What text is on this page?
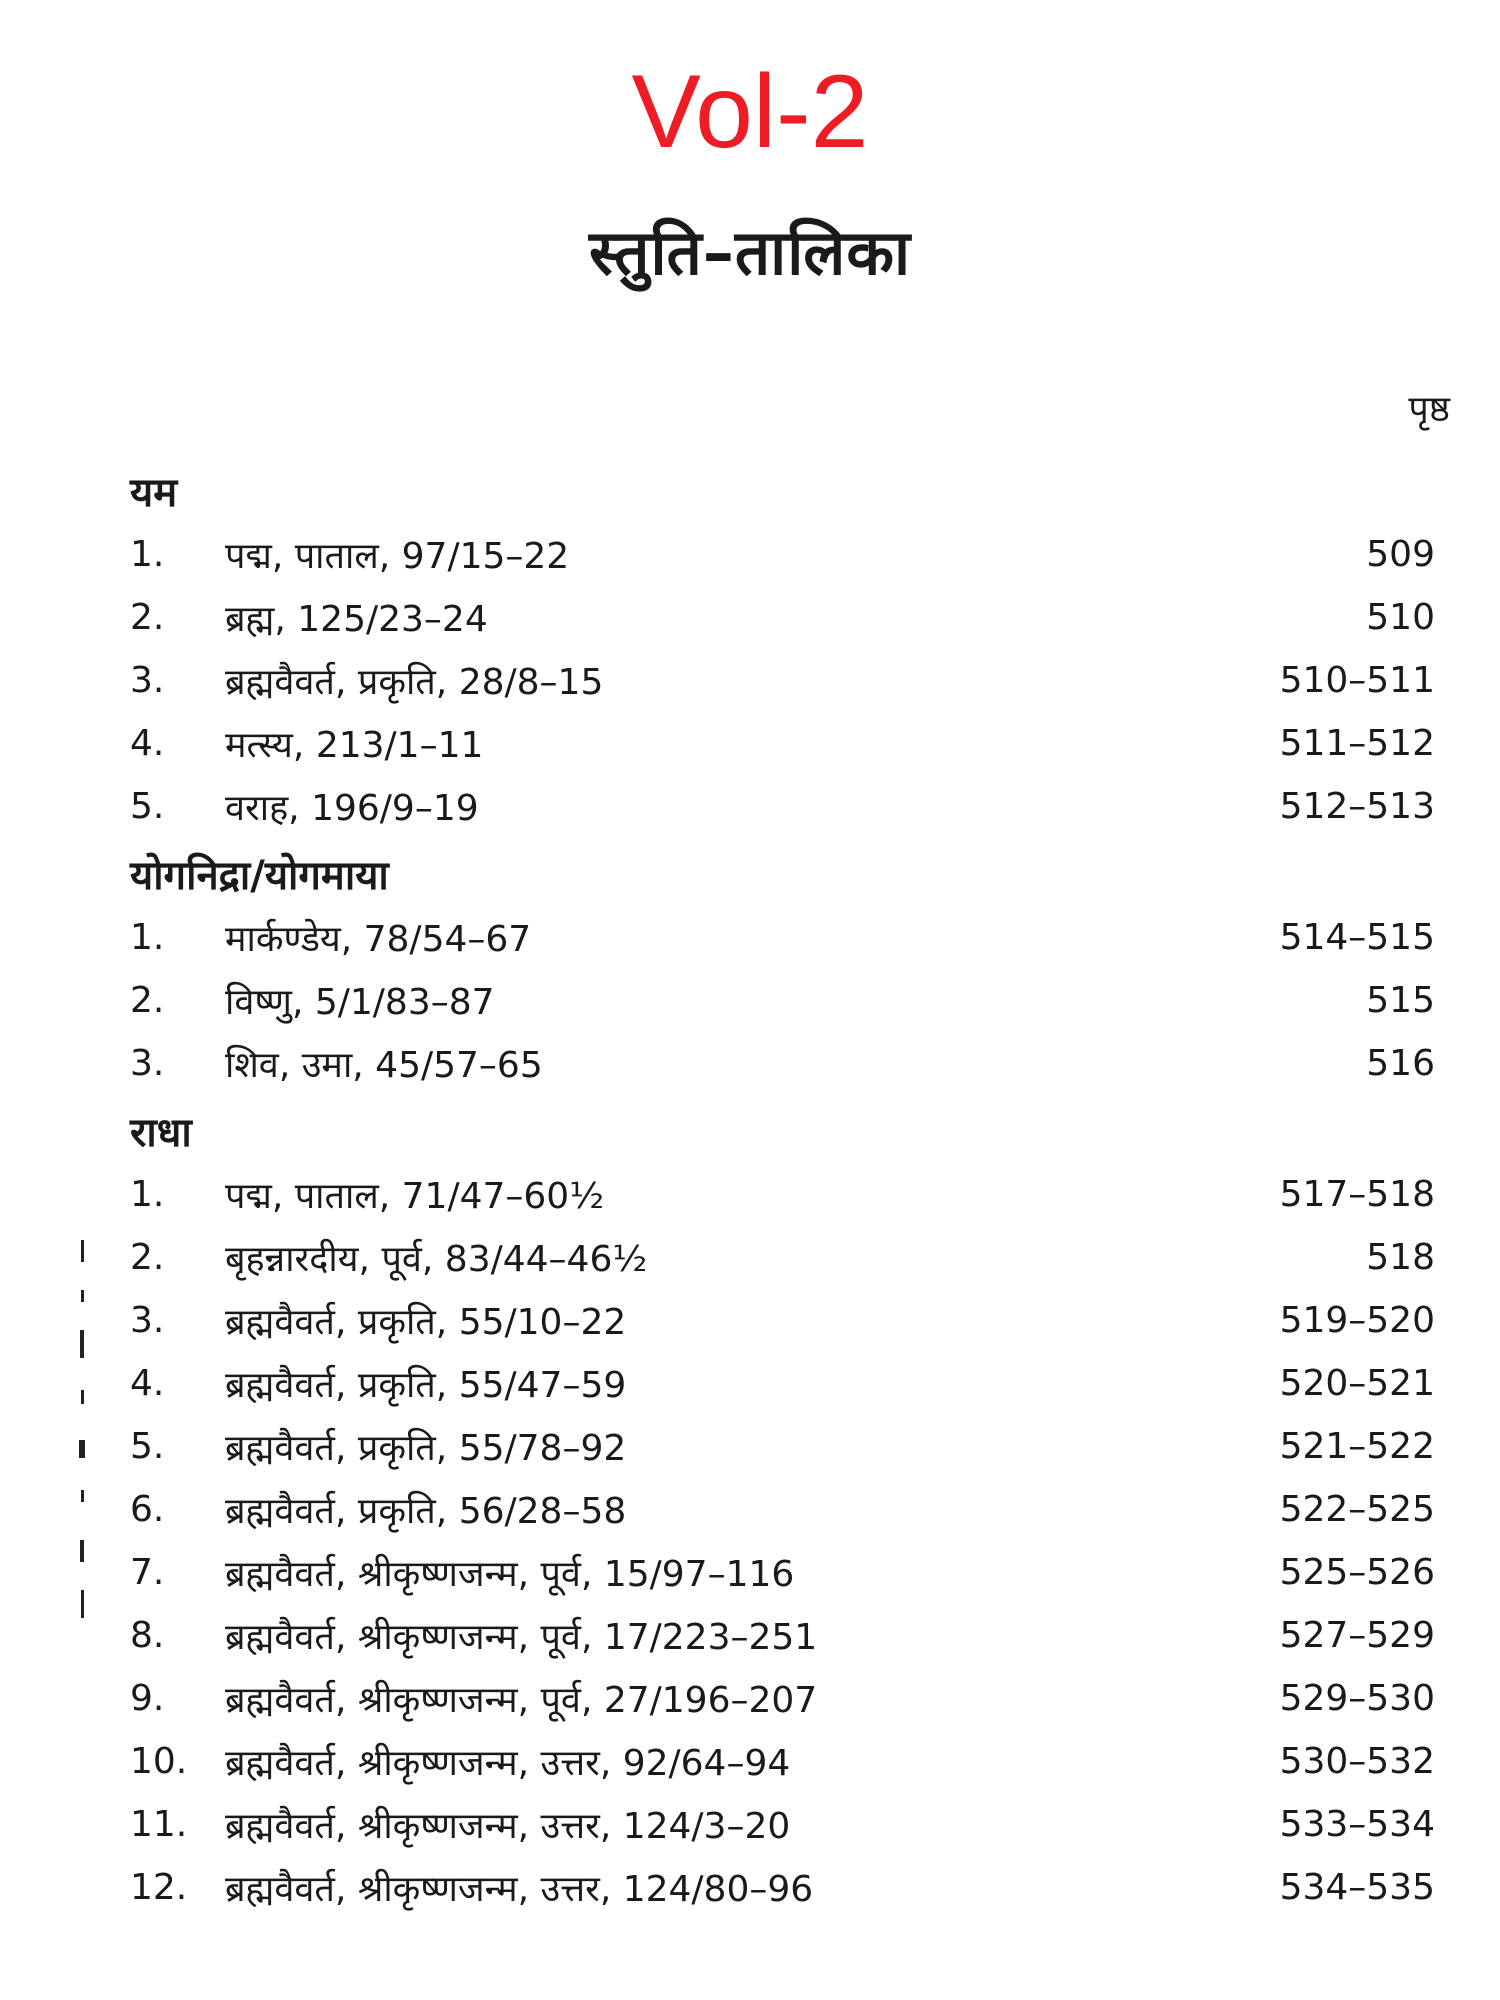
Vol-2
स्तुति–तालिका
पृष्ठ
यम
1.	पद्म, पाताल, 97/15–22	509
2.	ब्रह्म, 125/23–24	510
3.	ब्रह्मवैवर्त, प्रकृति, 28/8–15	510–511
4.	मत्स्य, 213/1–11	511–512
5.	वराह, 196/9–19	512–513
योगनिद्रा/योगमाया
1.	मार्कण्डेय, 78/54–67	514–515
2.	विष्णु, 5/1/83–87	515
3.	शिव, उमा, 45/57–65	516
राधा
1.	पद्म, पाताल, 71/47–60½	517–518
2.	बृहन्नारदीय, पूर्व, 83/44–46½	518
3.	ब्रह्मवैवर्त, प्रकृति, 55/10–22	519–520
4.	ब्रह्मवैवर्त, प्रकृति, 55/47–59	520–521
5.	ब्रह्मवैवर्त, प्रकृति, 55/78–92	521–522
6.	ब्रह्मवैवर्त, प्रकृति, 56/28–58	522–525
7.	ब्रह्मवैवर्त, श्रीकृष्णजन्म, पूर्व, 15/97–116	525–526
8.	ब्रह्मवैवर्त, श्रीकृष्णजन्म, पूर्व, 17/223–251	527–529
9.	ब्रह्मवैवर्त, श्रीकृष्णजन्म, पूर्व, 27/196–207	529–530
10.	ब्रह्मवैवर्त, श्रीकृष्णजन्म, उत्तर, 92/64–94	530–532
11.	ब्रह्मवैवर्त, श्रीकृष्णजन्म, उत्तर, 124/3–20	533–534
12.	ब्रह्मवैवर्त, श्रीकृष्णजन्म, उत्तर, 124/80–96	534–535
